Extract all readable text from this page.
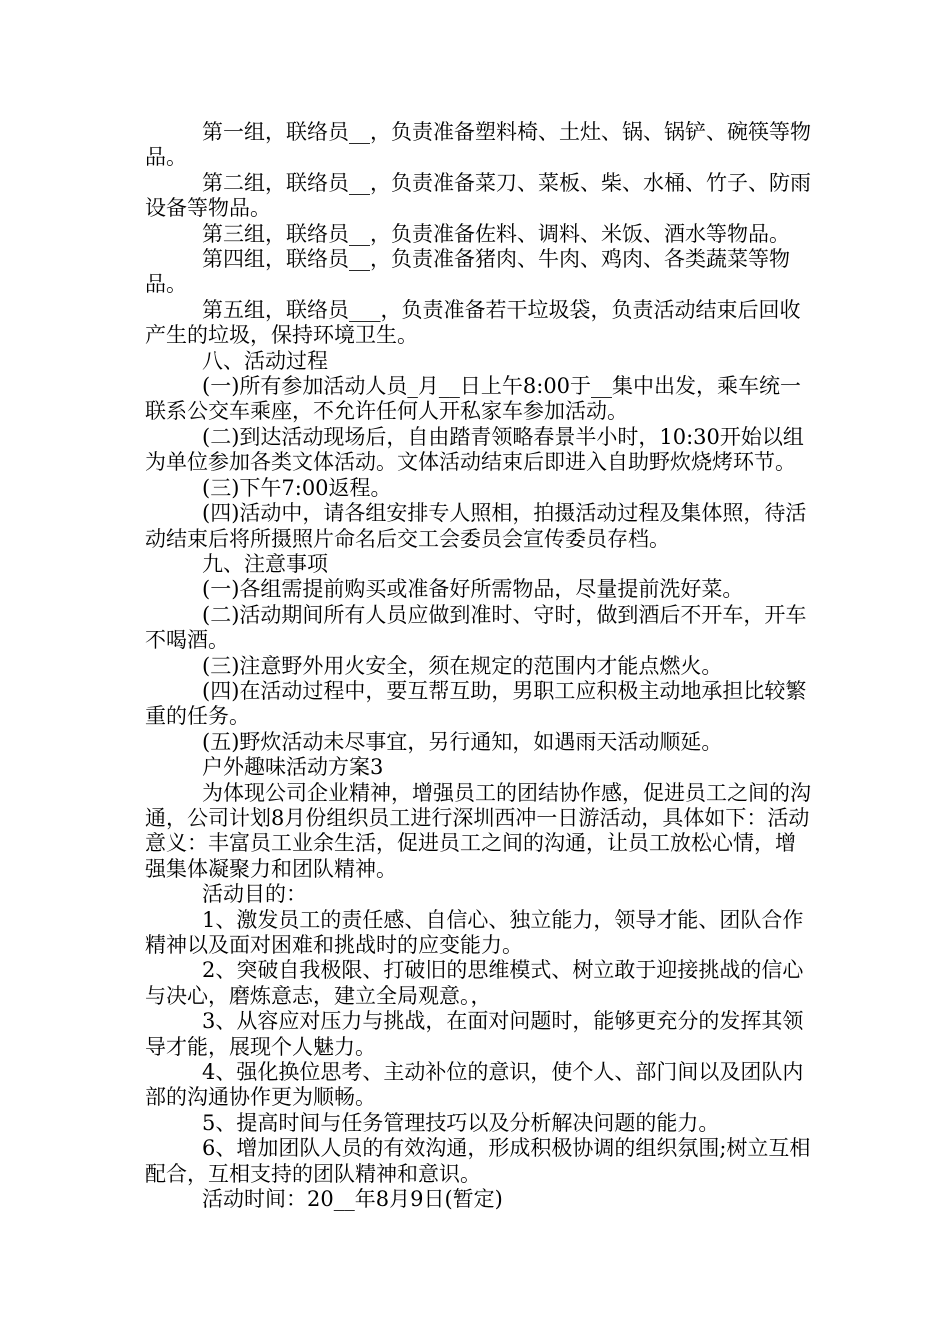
第一组，联络员__，负责准备塑料椅、土灶、锅、锅铲、碗筷等物品。

第二组，联络员__，负责准备菜刀、菜板、柴、水桶、竹子、防雨设备等物品。

第三组，联络员__，负责准备佐料、调料、米饭、酒水等物品。

第四组，联络员__，负责准备猪肉、牛肉、鸡肉、各类蔬菜等物品。

第五组，联络员___，负责准备若干垃圾袋，负责活动结束后回收产生的垃圾，保持环境卫生。

八、活动过程

(一)所有参加活动人员_月__日上午8:00于__集中出发，乘车统一联系公交车乘座，不允许任何人开私家车参加活动。

(二)到达活动现场后，自由踏青领略春景半小时，10:30开始以组为单位参加各类文体活动。文体活动结束后即进入自助野炊烧烤环节。

(三)下午7:00返程。

(四)活动中，请各组安排专人照相，拍摄活动过程及集体照，待活动结束后将所摄照片命名后交工会委员会宣传委员存档。

九、注意事项

(一)各组需提前购买或准备好所需物品，尽量提前洗好菜。

(二)活动期间所有人员应做到准时、守时，做到酒后不开车，开车不喝酒。

(三)注意野外用火安全，须在规定的范围内才能点燃火。

(四)在活动过程中，要互帮互助，男职工应积极主动地承担比较繁重的任务。

(五)野炊活动未尽事宜，另行通知，如遇雨天活动顺延。

户外趣味活动方案3

为体现公司企业精神，增强员工的团结协作感，促进员工之间的沟通，公司计划8月份组织员工进行深圳西冲一日游活动，具体如下：活动意义：丰富员工业余生活，促进员工之间的沟通，让员工放松心情，增强集体凝聚力和团队精神。

活动目的：

1、激发员工的责任感、自信心、独立能力，领导才能、团队合作精神以及面对困难和挑战时的应变能力。

2、突破自我极限、打破旧的思维模式、树立敢于迎接挑战的信心与决心，磨炼意志，建立全局观意。，

3、从容应对压力与挑战，在面对问题时，能够更充分的发挥其领导才能，展现个人魅力。

4、强化换位思考、主动补位的意识，使个人、部门间以及团队内部的沟通协作更为顺畅。

5、提高时间与任务管理技巧以及分析解决问题的能力。

6、增加团队人员的有效沟通，形成积极协调的组织氛围;树立互相配合，互相支持的团队精神和意识。

活动时间：20__年8月9日(暂定)
